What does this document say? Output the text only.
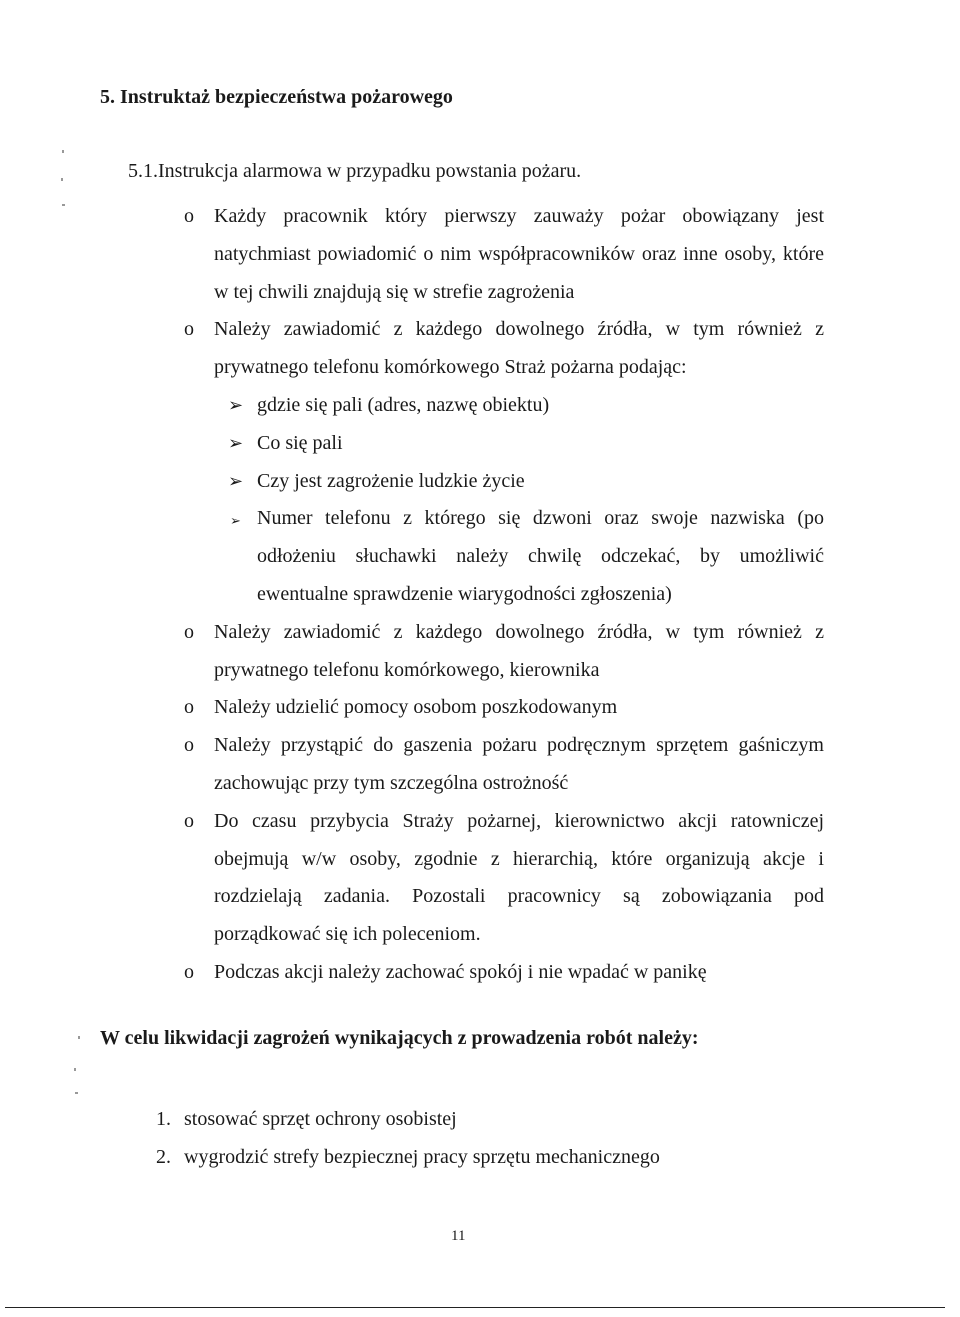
5. Instruktaż bezpieczeństwa pożarowego
5.1.Instrukcja alarmowa w przypadku powstania pożaru.
o Każdy pracownik który pierwszy zauważy pożar obowiązany jest natychmiast powiadomić o nim współpracowników oraz inne osoby, które w tej chwili znajdują się w strefie zagrożenia
o Należy zawiadomić z każdego dowolnego źródła, w tym również z prywatnego telefonu komórkowego Straż pożarna podając:
➢ gdzie się pali (adres, nazwę obiektu)
➢ Co się pali
➢ Czy jest zagrożenie ludzkie życie
➢ Numer telefonu z którego się dzwoni oraz swoje nazwiska (po odłożeniu słuchawki należy chwilę odczekać, by umożliwić ewentualne sprawdzenie wiarygodności zgłoszenia)
o Należy zawiadomić z każdego dowolnego źródła, w tym również z prywatnego telefonu komórkowego, kierownika
o Należy udzielić pomocy osobom poszkodowanym
o Należy przystąpić do gaszenia pożaru podręcznym sprzętem gaśniczym zachowując przy tym szczególna ostrożność
o Do czasu przybycia Straży pożarnej, kierownictwo akcji ratowniczej obejmują w/w osoby, zgodnie z hierarchią, które organizują akcje i rozdzielają zadania. Pozostali pracownicy są zobowiązania pod porządkować się ich poleceniom.
o Podczas akcji należy zachować spokój i nie wpadać w panikę
W celu likwidacji zagrożeń wynikających z prowadzenia robót należy:
1. stosować sprzęt ochrony osobistej
2. wygrodzić strefy bezpiecznej pracy sprzętu mechanicznego
11
